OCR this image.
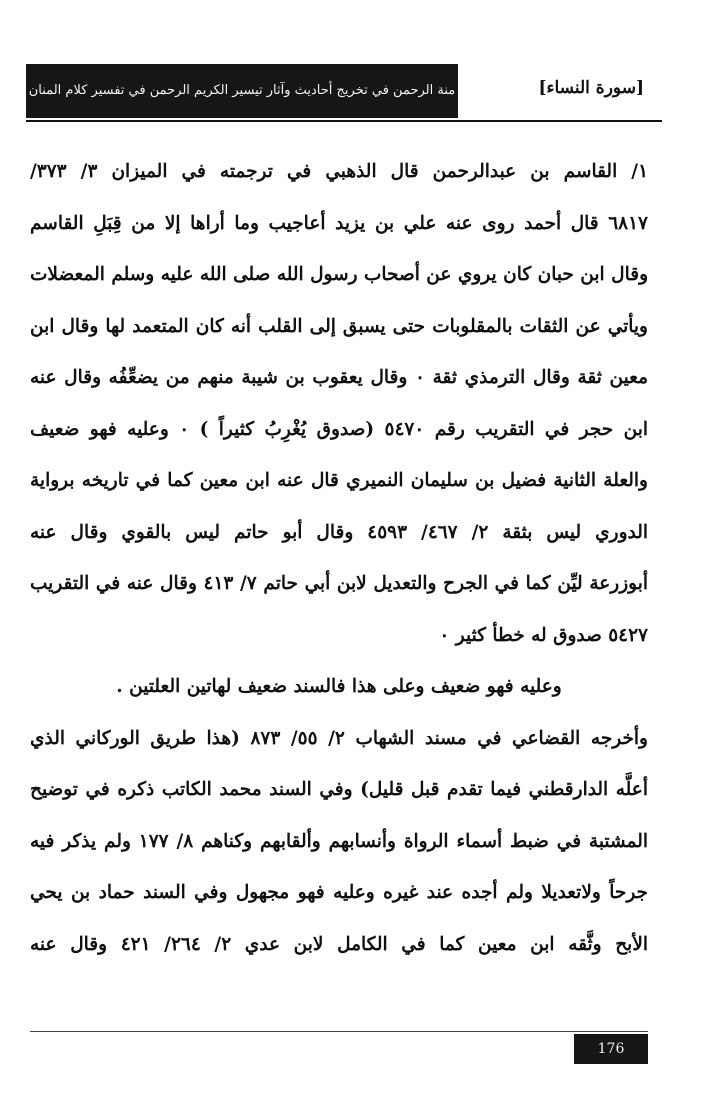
منة الرحمن في تخريج أحاديث وآثار تيسير الكريم الرحمن في تفسير كلام المنان	[سورة النساء]
١/ القاسم بن عبدالرحمن قال الذهبي في ترجمته في الميزان ٣/ ٣٧٣/
٦٨١٧ قال أحمد روى عنه علي بن يزيد أعاجيب وما أراها إلا من قِبَلِ القاسم
وقال ابن حبان كان يروي عن أصحاب رسول الله صلى الله عليه وسلم المعضلات
ويأتي عن الثقات بالمقلوبات حتى يسبق إلى القلب أنه كان المتعمد لها وقال ابن
معين ثقة وقال الترمذي ثقة ٠ وقال يعقوب بن شيبة منهم من يضعِّفُه وقال عنه
ابن حجر في التقريب رقم ٥٤٧٠ (صدوق يُغْرِبُ كثيراً ) ٠ وعليه فهو ضعيف
والعلة الثانية فضيل بن سليمان النميري قال عنه ابن معين كما في تاريخه برواية
الدوري ليس بثقة ٢/ ٤٦٧/ ٤٥٩٣ وقال أبو حاتم ليس بالقوي وقال عنه
أبوزرعة ليِّن كما في الجرح والتعديل لابن أبي حاتم ٧/ ٤١٣ وقال عنه في التقريب
٥٤٢٧ صدوق له خطأ كثير ٠
وعليه فهو ضعيف وعلى هذا فالسند ضعيف لهاتين العلتين .
وأخرجه القضاعي في مسند الشهاب ٢/ ٥٥/ ٨٧٣ (هذا طريق الوركاني الذي
أعلَّه الدارقطني فيما تقدم قبل قليل) وفي السند محمد الكاتب ذكره في توضيح
المشتبة في ضبط أسماء الرواة وأنسابهم وألقابهم وكناهم ٨/ ١٧٧ ولم يذكر فيه
جرحاً ولاتعديلا ولم أجده عند غيره وعليه فهو مجهول وفي السند حماد بن يحي
الأبح وثَّقه ابن معين كما في الكامل لابن عدي ٢/ ٢٦٤/ ٤٢١ وقال عنه
176
